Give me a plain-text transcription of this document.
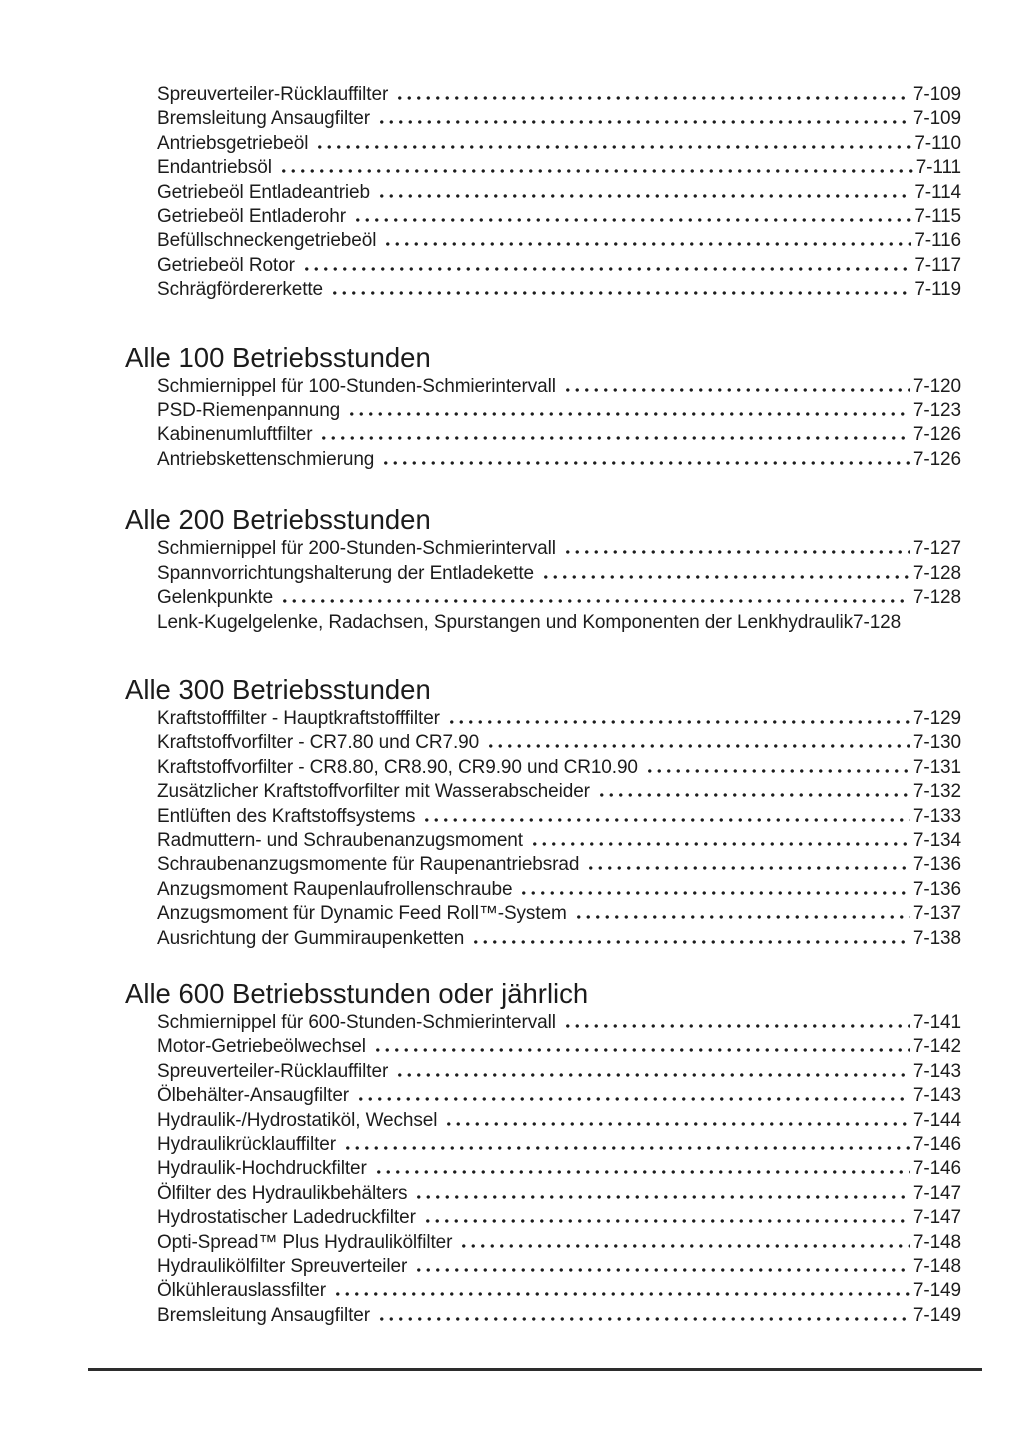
Spreuverteiler-Rücklauffilter	7-109
Bremsleitung Ansaugfilter	7-109
Antriebsgetriebeöl	7-110
Endantriebsöl	7-111
Getriebeöl Entladeantrieb	7-114
Getriebeöl Entladerohr	7-115
Befüllschneckengetriebeöl	7-116
Getriebeöl Rotor	7-117
Schrägfördererkette	7-119
Alle 100 Betriebsstunden
Schmiernippel für 100-Stunden-Schmierintervall	7-120
PSD-Riemenpannung	7-123
Kabinenumluftfilter	7-126
Antriebskettenschmierung	7-126
Alle 200 Betriebsstunden
Schmiernippel für 200-Stunden-Schmierintervall	7-127
Spannvorrichtungshalterung der Entladekette	7-128
Gelenkpunkte	7-128
Lenk-Kugelgelenke, Radachsen, Spurstangen und Komponenten der Lenkhydraulik 7-128
Alle 300 Betriebsstunden
Kraftstofffilter - Hauptkraftstofffilter	7-129
Kraftstoffvorfilter - CR7.80 und CR7.90	7-130
Kraftstoffvorfilter - CR8.80, CR8.90, CR9.90 und CR10.90	7-131
Zusätzlicher Kraftstoffvorfilter mit Wasserabscheider	7-132
Entlüften des Kraftstoffsystems	7-133
Radmuttern- und Schraubenanzugsmoment	7-134
Schraubenanzugsmomente für Raupenantriebsrad	7-136
Anzugsmoment Raupenlaufrollenschraube	7-136
Anzugsmoment für Dynamic Feed Roll™-System	7-137
Ausrichtung der Gummiraupenketten	7-138
Alle 600 Betriebsstunden oder jährlich
Schmiernippel für 600-Stunden-Schmierintervall	7-141
Motor-Getriebeölwechsel	7-142
Spreuverteiler-Rücklauffilter	7-143
Ölbehälter-Ansaugfilter	7-143
Hydraulik-/Hydrostatiköl, Wechsel	7-144
Hydraulikrücklauffilter	7-146
Hydraulik-Hochdruckfilter	7-146
Ölfilter des Hydraulikbehälters	7-147
Hydrostatischer Ladedruckfilter	7-147
Opti-Spread™ Plus Hydraulikölfilter	7-148
Hydraulikölfilter Spreuverteiler	7-148
Ölkühlerauslassfilter	7-149
Bremsleitung Ansaugfilter	7-149
